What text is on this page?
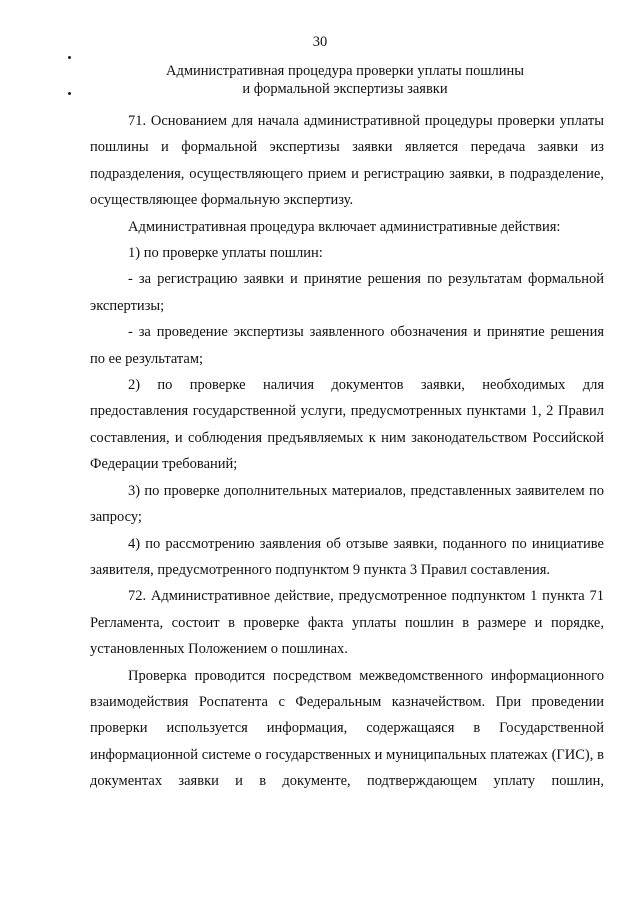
30
Административная процедура проверки уплаты пошлины
и формальной экспертизы заявки

71. Основанием для начала административной процедуры проверки уплаты пошлины и формальной экспертизы заявки является передача заявки из подразделения, осуществляющего прием и регистрацию заявки, в подразделение, осуществляющее формальную экспертизу.

Административная процедура включает административные действия:

1) по проверке уплаты пошлин:

- за регистрацию заявки и принятие решения по результатам формальной экспертизы;

- за проведение экспертизы заявленного обозначения и принятие решения по ее результатам;

2) по проверке наличия документов заявки, необходимых для предоставления государственной услуги, предусмотренных пунктами 1, 2 Правил составления, и соблюдения предъявляемых к ним законодательством Российской Федерации требований;

3) по проверке дополнительных материалов, представленных заявителем по запросу;

4) по рассмотрению заявления об отзыве заявки, поданного по инициативе заявителя, предусмотренного подпунктом 9 пункта 3 Правил составления.

72. Административное действие, предусмотренное подпунктом 1 пункта 71 Регламента, состоит в проверке факта уплаты пошлин в размере и порядке, установленных Положением о пошлинах.

Проверка проводится посредством межведомственного информационного взаимодействия Роспатента с Федеральным казначейством. При проведении проверки используется информация, содержащаяся в Государственной информационной системе о государственных и муниципальных платежах (ГИС), в документах заявки и в документе, подтверждающем уплату пошлин,
